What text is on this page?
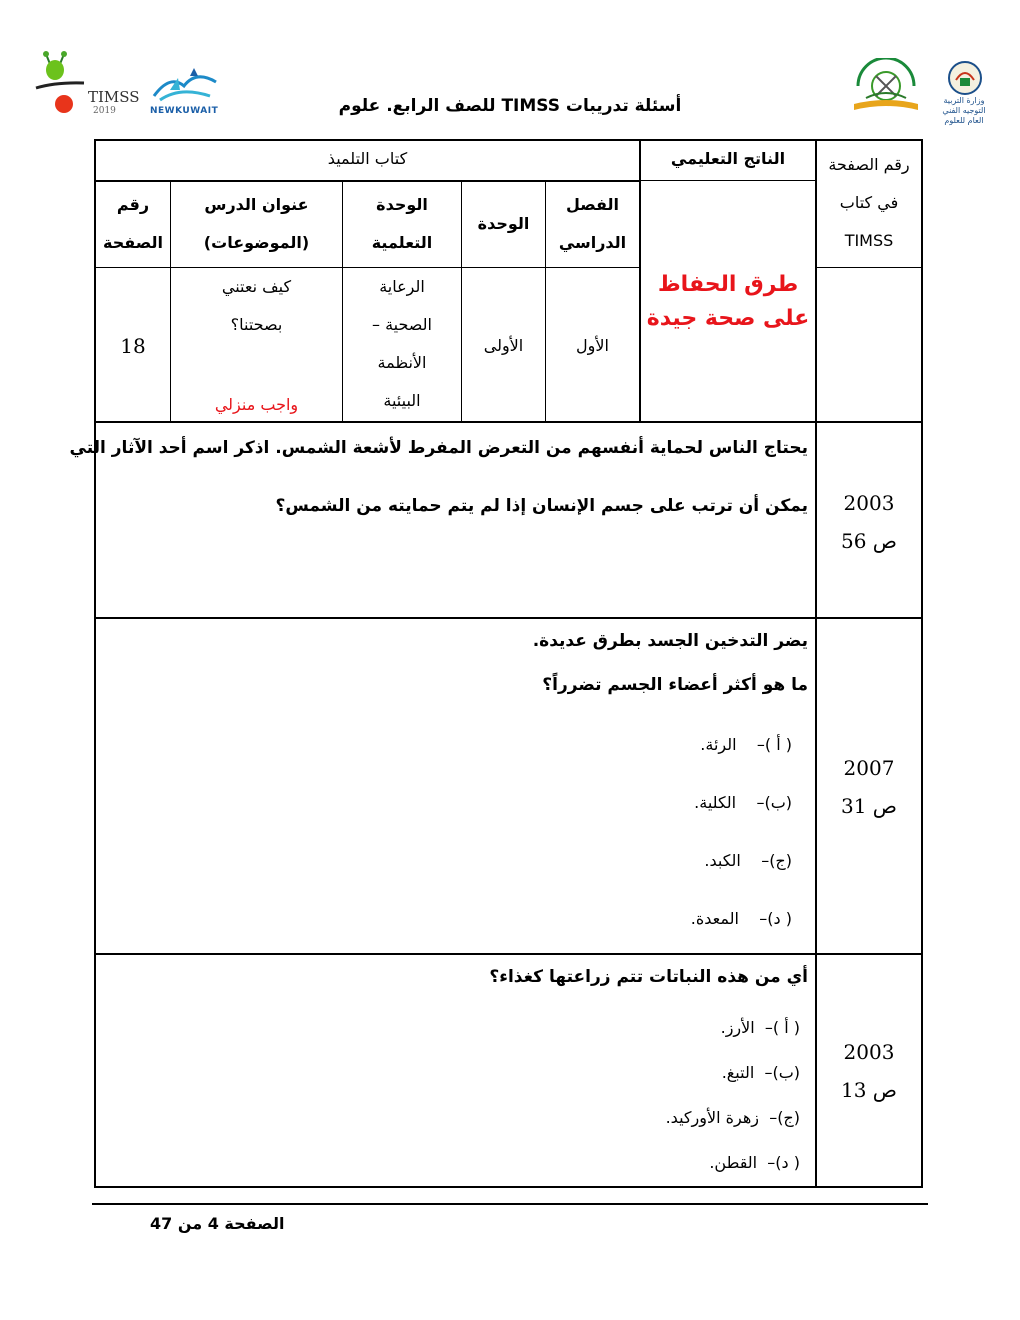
TIMSS
2019	NEWKUWAIT
وزارة التربية التوجيه الفني العام للعلوم
أسئلة تدريبات TIMSS للصف الرابع. علوم
رقم الصفحة
في كتاب
TIMSS
الناتج التعليمي
كتاب التلميذ
الفصل
الدراسي
الوحدة
الوحدة
التعلمية
عنوان الدرس
(الموضوعات)
رقم
الصفحة
طرق الحفاظ
على صحة جيدة
الأول
الأولى
الرعاية
الصحية –
الأنظمة
البيئية
كيف نعتني
بصحتنا؟
واجب منزلي
18
2003
ص 56
يحتاج الناس لحماية أنفسهم من التعرض المفرط لأشعة الشمس. اذكر اسم أحد الآثار التي
يمكن أن ترتب على جسم الإنسان إذا لم يتم حمايته من الشمس؟
2007
ص 31
يضر التدخين الجسد بطرق عديدة.
ما هو أكثر أعضاء الجسم تضرراً؟
( أ )–    الرئة.
(ب)–    الكلية.
(ج)–    الكبد.
( د)–    المعدة.
2003
ص 13
أي من هذه النباتات تتم زراعتها كغذاء؟
( أ )–  الأرز.
(ب)–  التبغ.
(ج)–  زهرة الأوركيد.
( د)–  القطن.
الصفحة 4 من 47
